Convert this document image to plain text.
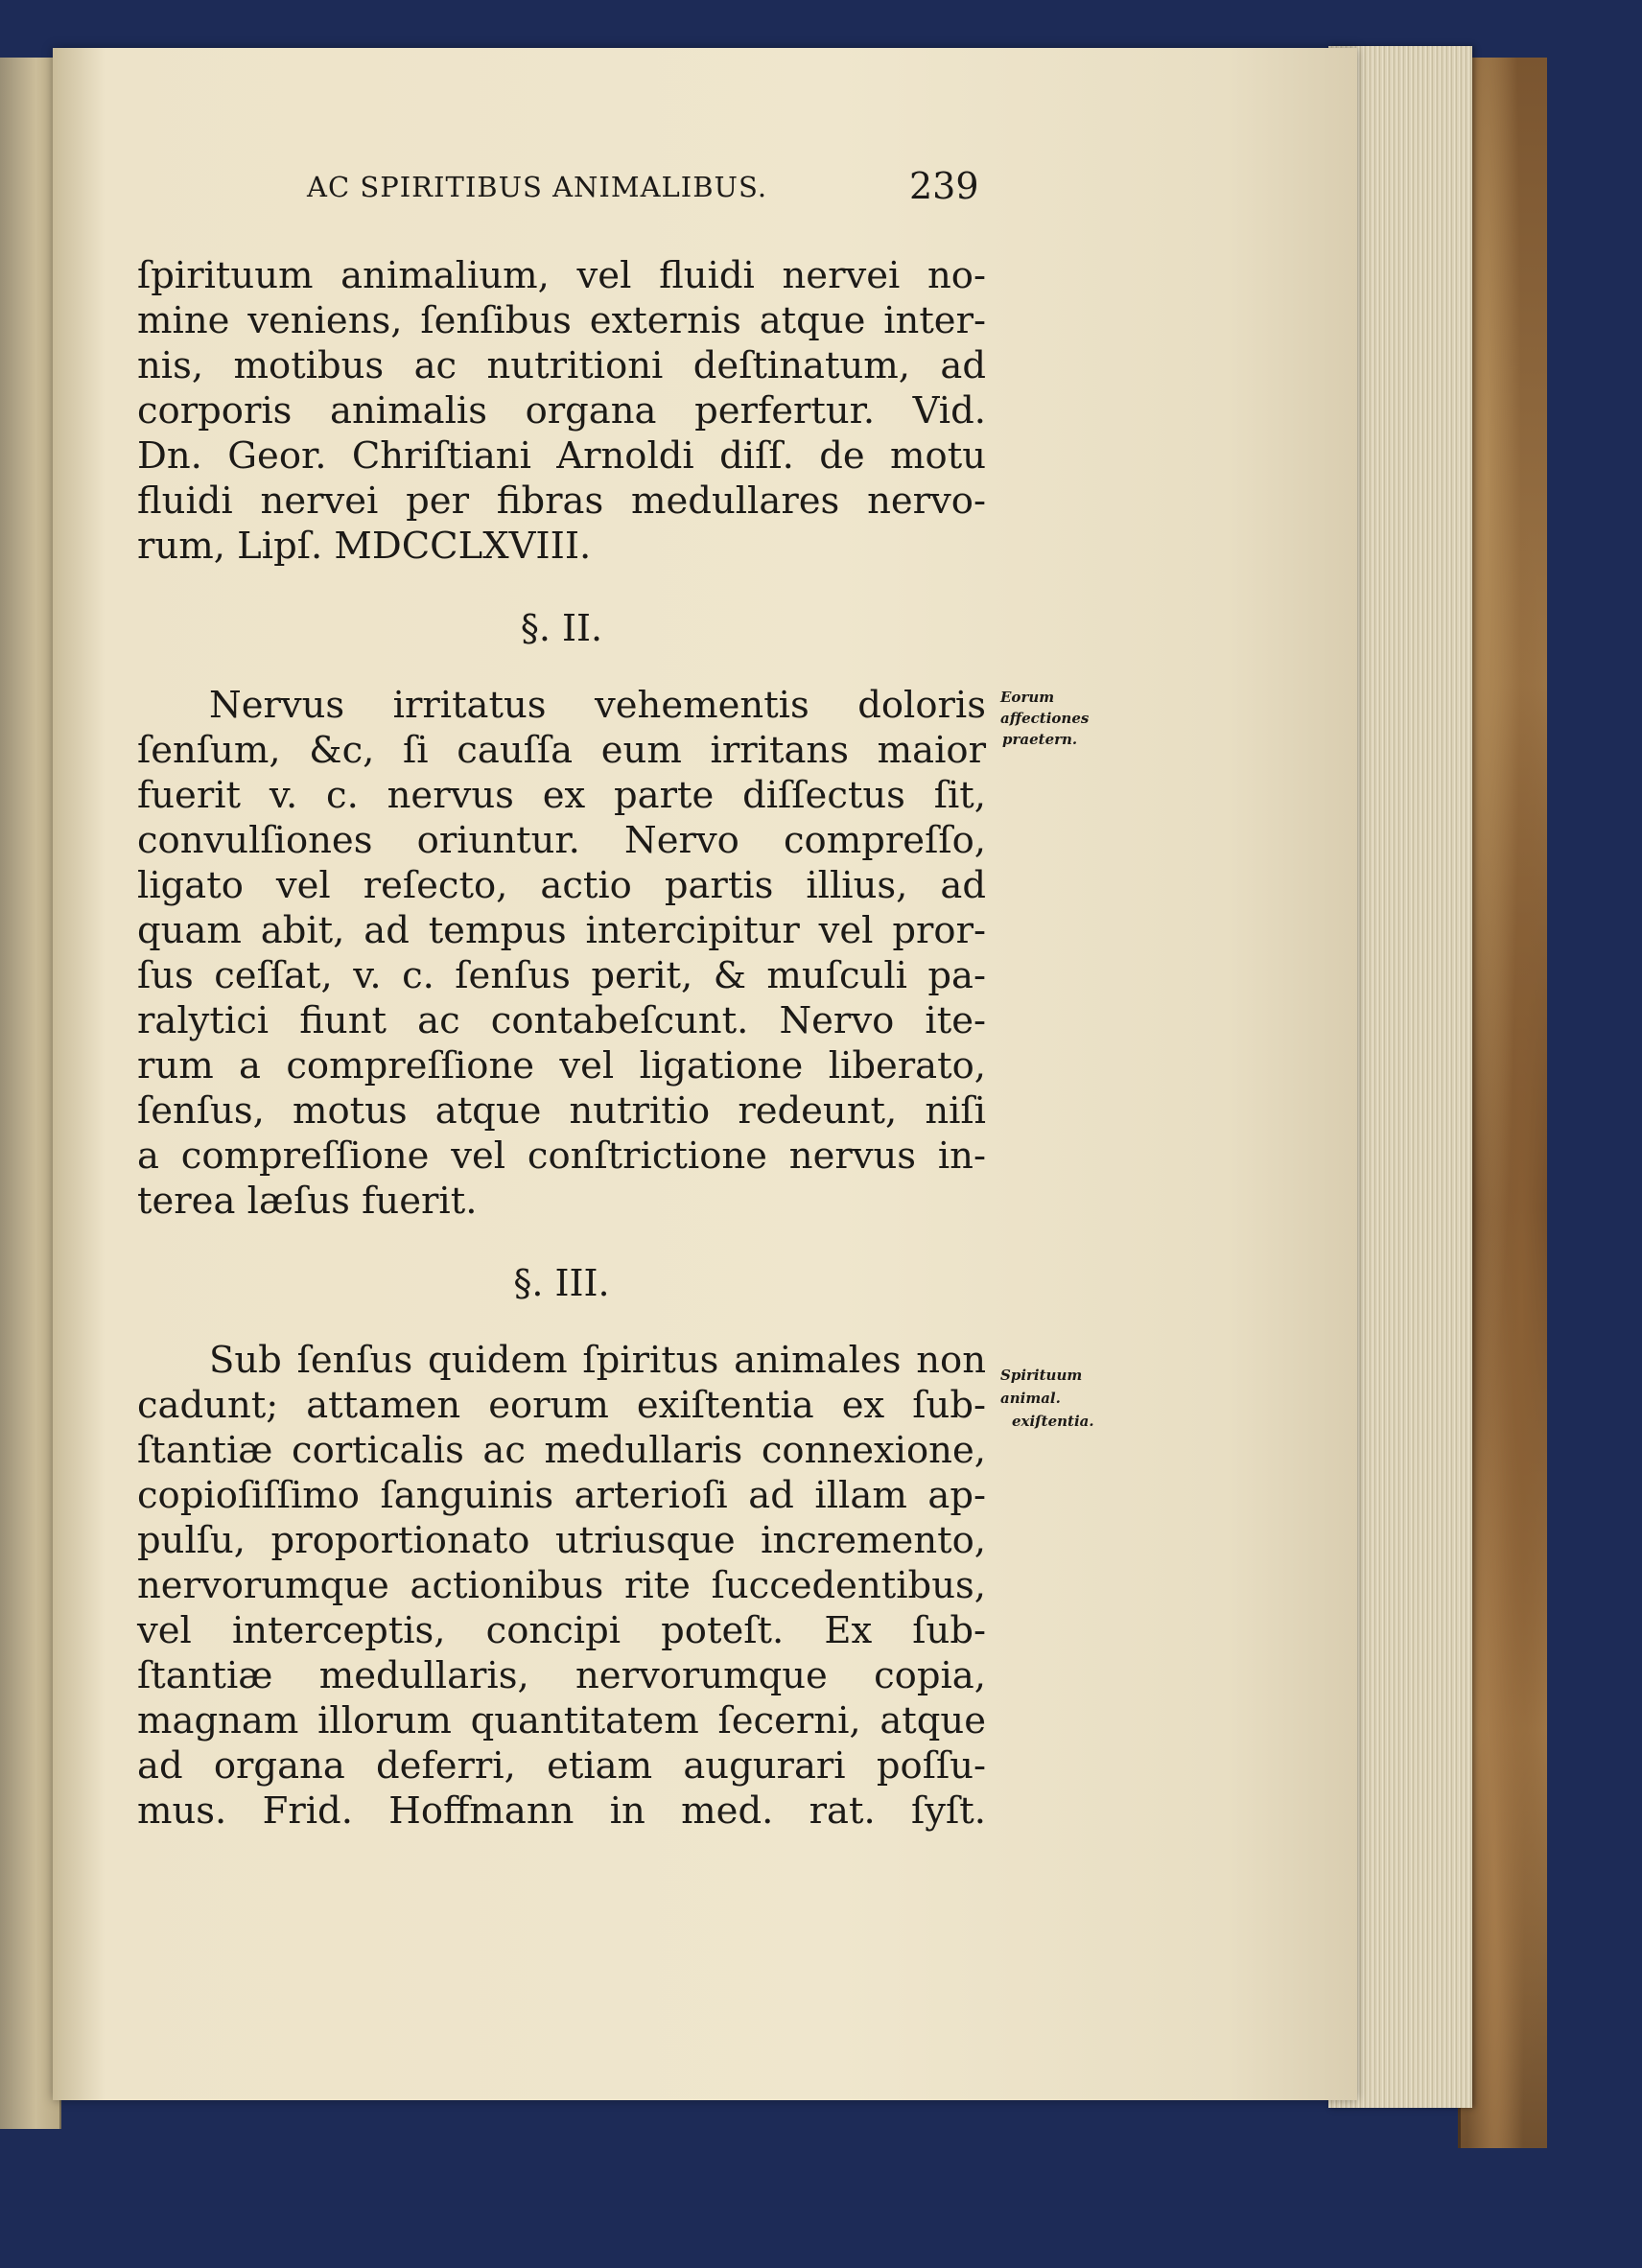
AC SPIRITIBUS ANIMALIBUS.	239
ſpirituum animalium, vel fluidi nervei no-
mine veniens, ſenſibus externis atque inter-
nis, motibus ac nutritioni deſtinatum, ad
corporis animalis organa perfertur. Vid.
Dn. Geor. Chriſtiani Arnoldi diſſ. de motu
fluidi nervei per fibras medullares nervo-
rum, Lipſ. MDCCLXVIII.
§. II.
Nervus irritatus vehementis doloris
ſenſum, &c, ſi cauſſa eum irritans maior
fuerit v. c. nervus ex parte diſſectus ſit,
convulſiones oriuntur. Nervo compreſſo,
ligato vel reſecto, actio partis illius, ad
quam abit, ad tempus intercipitur vel pror-
ſus ceſſat, v. c. ſenſus perit, & muſculi pa-
ralytici fiunt ac contabeſcunt. Nervo ite-
rum a compreſſione vel ligatione liberato,
ſenſus, motus atque nutritio redeunt, niſi
a compreſſione vel conſtrictione nervus in-
terea læſus fuerit.
§. III.
Sub ſenſus quidem ſpiritus animales non
cadunt; attamen eorum exiſtentia ex ſub-
ſtantiæ corticalis ac medullaris connexione,
copioſiſſimo ſanguinis arterioſi ad illam ap-
pulſu, proportionato utriusque incremento,
nervorumque actionibus rite ſuccedentibus,
vel interceptis, concipi poteſt. Ex ſub-
ſtantiæ medullaris, nervorumque copia,
magnam illorum quantitatem ſecerni, atque
ad organa deferri, etiam augurari poſſu-
mus. Frid. Hoffmann in med. rat. ſyſt.
Eorum
affectiones
praetern.
Spirituum
animal.
exiſtentia.
